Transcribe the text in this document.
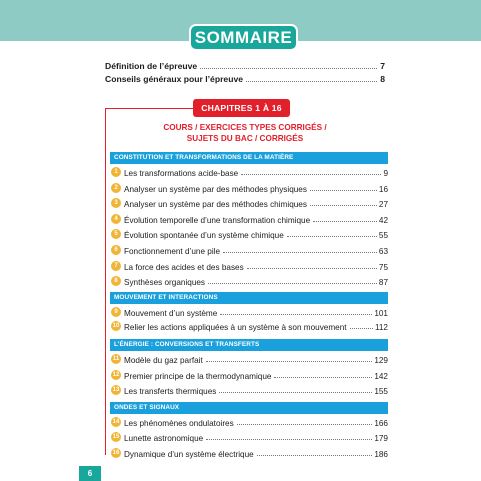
SOMMAIRE
Définition de l’épreuve	7
Conseils généraux pour l’épreuve	8
CHAPITRES 1 À 16
COURS / EXERCICES TYPES CORRIGÉS /
SUJETS DU BAC / CORRIGÉS
CONSTITUTION ET TRANSFORMATIONS DE LA MATIÈRE
1 Les transformations acide-base	9
2 Analyser un système par des méthodes physiques	16
3 Analyser un système par des méthodes chimiques	27
4 Évolution temporelle d’une transformation chimique	42
5 Évolution spontanée d’un système chimique	55
6 Fonctionnement d’une pile	63
7 La force des acides et des bases	75
8 Synthèses organiques	87
MOUVEMENT ET INTERACTIONS
9 Mouvement d’un système	101
10 Relier les actions appliquées à un système à son mouvement	112
L’ÉNERGIE : CONVERSIONS ET TRANSFERTS
11 Modèle du gaz parfait	129
12 Premier principe de la thermodynamique	142
13 Les transferts thermiques	155
ONDES ET SIGNAUX
14 Les phénomènes ondulatoires	166
15 Lunette astronomique	179
16 Dynamique d’un système électrique	186
6
